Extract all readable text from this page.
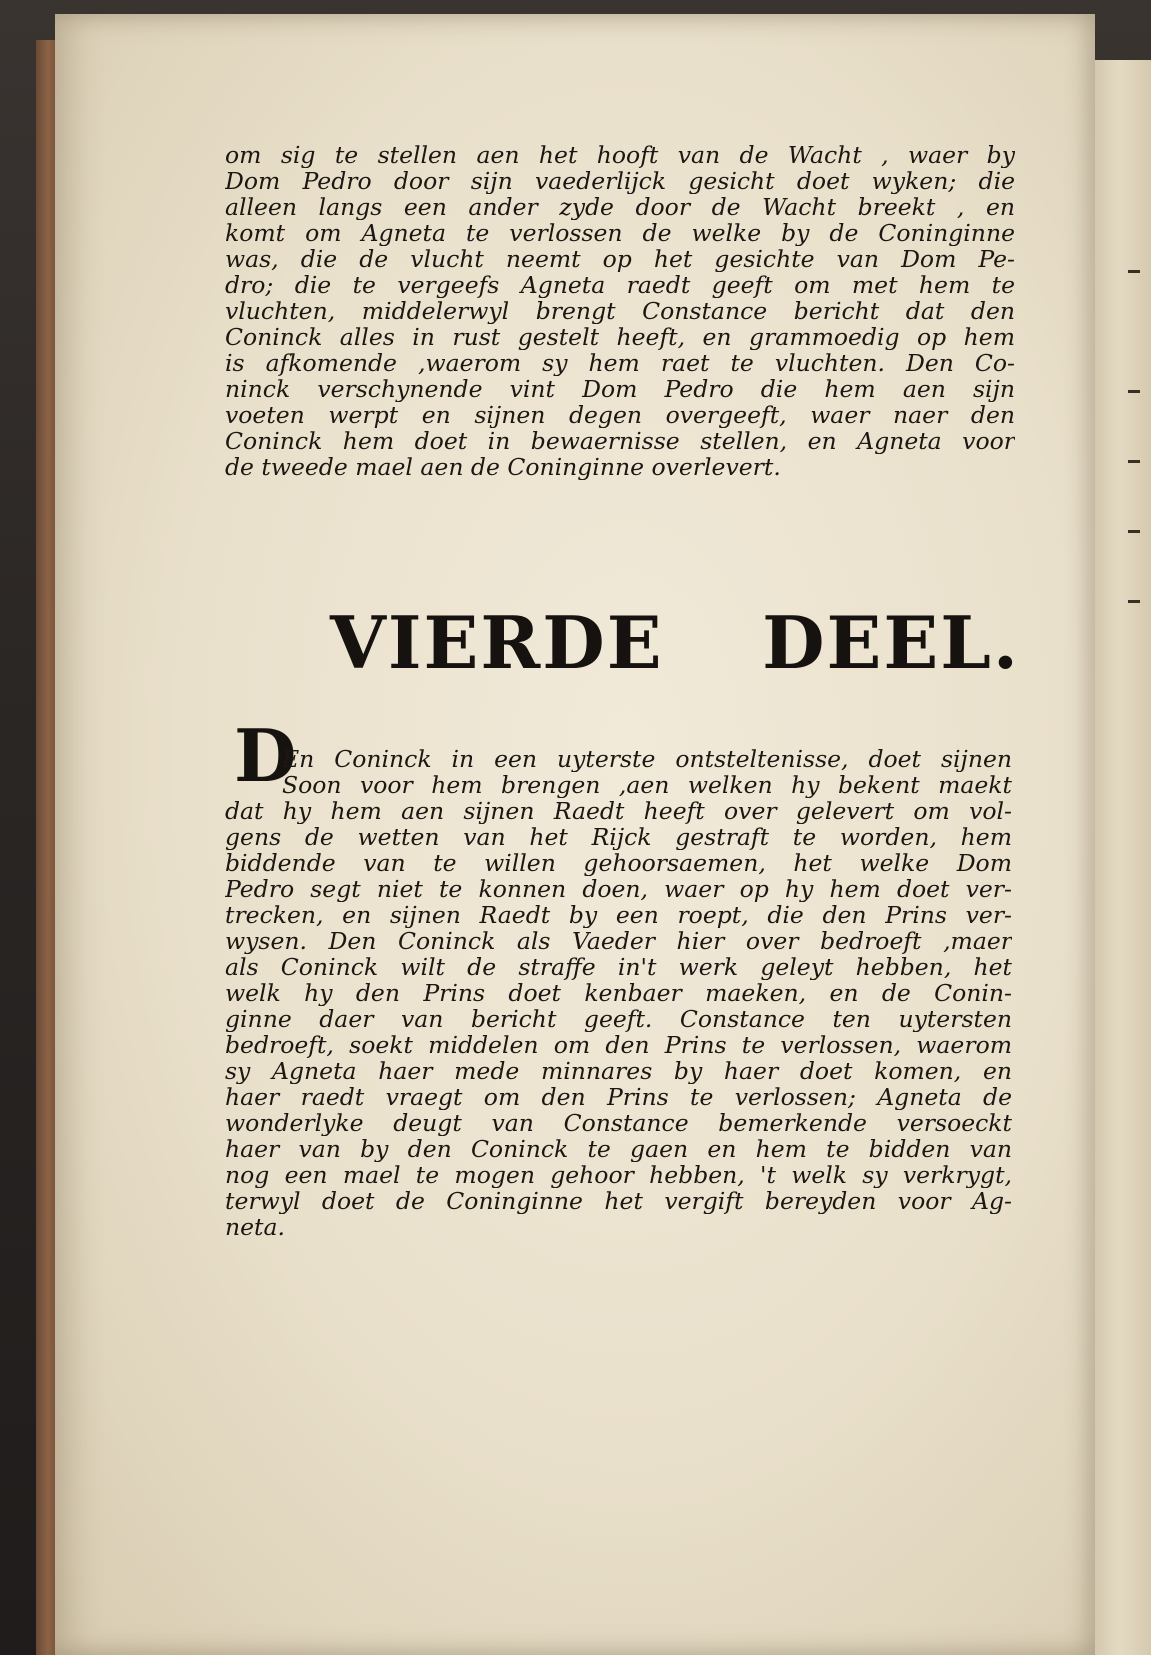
om sig te stellen aen het hooft van de Wacht , waer by
Dom Pedro door sijn vaederlijck gesicht doet wyken; die
alleen langs een ander zyde door de Wacht breekt , en
komt om Agneta te verlossen de welke by de Coninginne
was, die de vlucht neemt op het gesichte van Dom Pe-
dro; die te vergeefs Agneta raedt geeft om met hem te
vluchten, middelerwyl brengt Constance bericht dat den
Coninck alles in rust gestelt heeft, en grammoedig op hem
is afkomende ,waerom sy hem raet te vluchten. Den Co-
ninck verschynende vint Dom Pedro die hem aen sijn
voeten werpt en sijnen degen overgeeft, waer naer den
Coninck hem doet in bewaernisse stellen, en Agneta voor
de tweede mael aen de Coninginne overlevert.
VIERDE DEEL.
D
En Coninck in een uyterste ontsteltenisse, doet sijnen
Soon voor hem brengen ,aen welken hy bekent maekt
dat hy hem aen sijnen Raedt heeft over gelevert om vol-
gens de wetten van het Rijck gestraft te worden, hem
biddende van te willen gehoorsaemen, het welke Dom
Pedro segt niet te konnen doen, waer op hy hem doet ver-
trecken, en sijnen Raedt by een roept, die den Prins ver-
wysen. Den Coninck als Vaeder hier over bedroeft ,maer
als Coninck wilt de straffe in't werk geleyt hebben, het
welk hy den Prins doet kenbaer maeken, en de Conin-
ginne daer van bericht geeft. Constance ten uytersten
bedroeft, soekt middelen om den Prins te verlossen, waerom
sy Agneta haer mede minnares by haer doet komen, en
haer raedt vraegt om den Prins te verlossen; Agneta de
wonderlyke deugt van Constance bemerkende versoeckt
haer van by den Coninck te gaen en hem te bidden van
nog een mael te mogen gehoor hebben, 't welk sy verkrygt,
terwyl doet de Coninginne het vergift bereyden voor Ag-
neta.
